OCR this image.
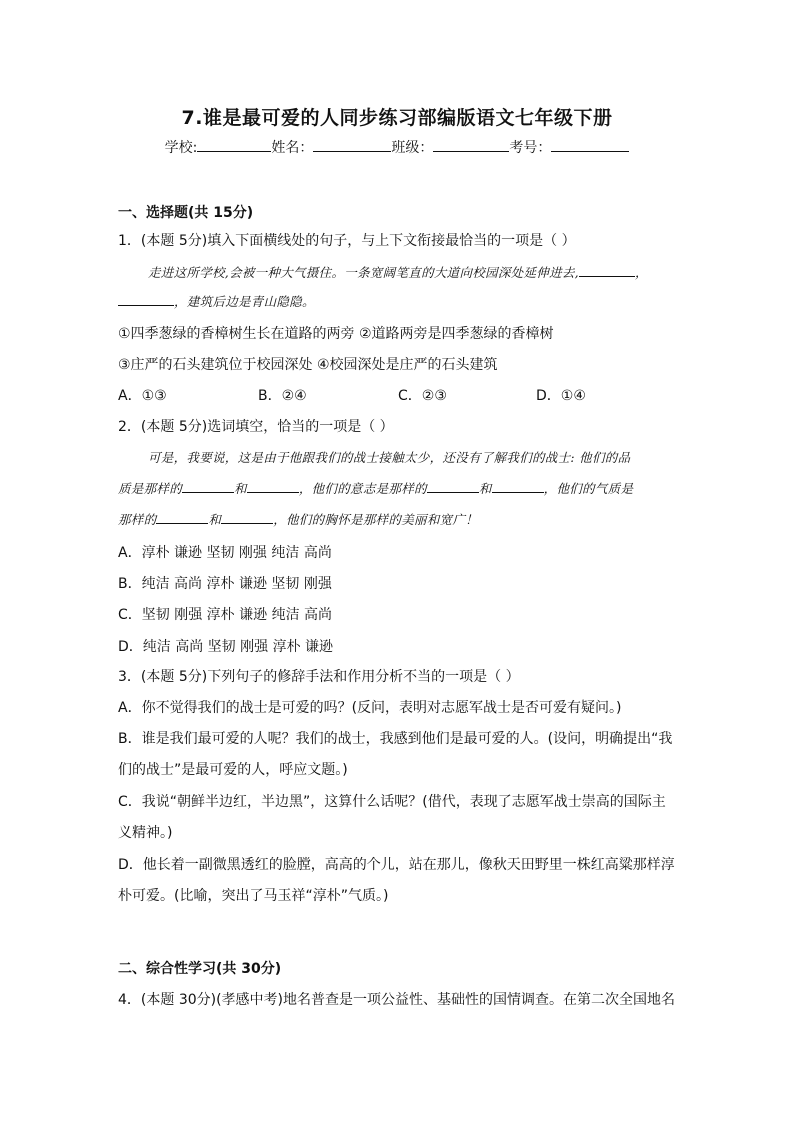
7.谁是最可爱的人同步练习部编版语文七年级下册
学校:	姓名：	班级：	考号：
一、选择题(共 15分)
1．(本题 5分)填入下面横线处的句子，与上下文衔接最恰当的一项是（ ）
走进这所学校,会被一种大气摄住。一条宽阔笔直的大道向校园深处延伸进去,	，
，建筑后边是青山隐隐。
①四季葱绿的香樟树生长在道路的两旁 ②道路两旁是四季葱绿的香樟树
③庄严的石头建筑位于校园深处 ④校园深处是庄严的石头建筑
A．①③	B．②④	C．②③	D．①④
2．(本题 5分)选词填空，恰当的一项是（ ）
可是，我要说，这是由于他跟我们的战士接触太少，还没有了解我们的战士: 他们的品
质是那样的	和	，他们的意志是那样的	和	，他们的气质是
那样的	和	，他们的胸怀是那样的美丽和宽广！
A．淳朴 谦逊 坚韧 刚强 纯洁 高尚
B．纯洁 高尚 淳朴 谦逊 坚韧 刚强
C．坚韧 刚强 淳朴 谦逊 纯洁 高尚
D．纯洁 高尚 坚韧 刚强 淳朴 谦逊
3．(本题 5分)下列句子的修辞手法和作用分析不当的一项是（ ）
A．你不觉得我们的战士是可爱的吗？(反问，表明对志愿军战士是否可爱有疑问。)
B．谁是我们最可爱的人呢？我们的战士，我感到他们是最可爱的人。(设问，明确提出“我
们的战士”是最可爱的人，呼应文题。)
C．我说“朝鲜半边红，半边黑”，这算什么话呢？(借代，表现了志愿军战士崇高的国际主
义精神。)
D．他长着一副微黑透红的脸膛，高高的个儿，站在那儿，像秋天田野里一株红高粱那样淳
朴可爱。(比喻，突出了马玉祥“淳朴”气质。)
二、综合性学习(共 30分)
4．(本题 30分)(孝感中考)地名普查是一项公益性、基础性的国情调查。在第二次全国地名
